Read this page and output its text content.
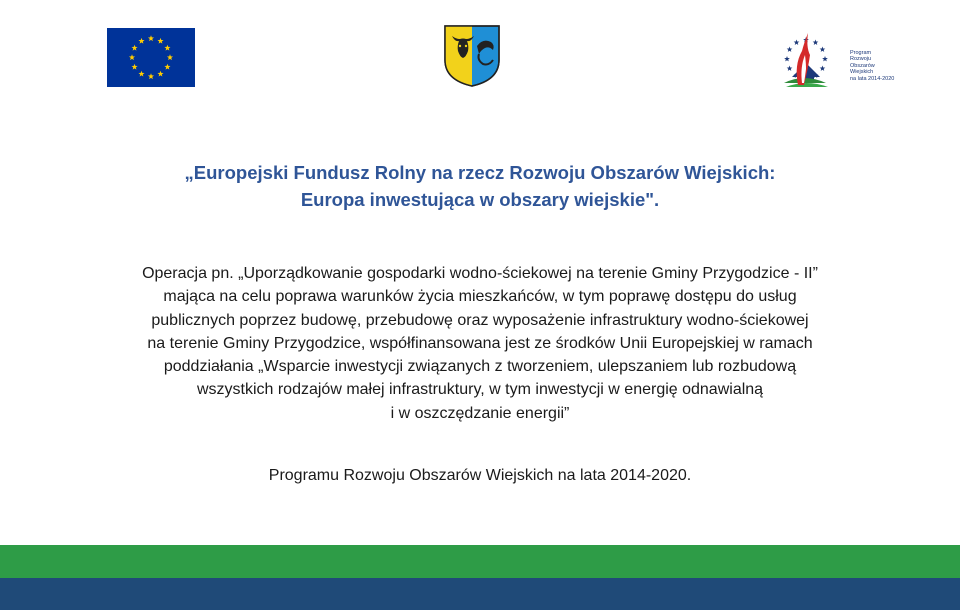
Program
Rozwoju
Obszarów
Wiejskich
na lata 2014-2020
„Europejski Fundusz Rolny na rzecz Rozwoju Obszarów Wiejskich:
Europa inwestująca w obszary wiejskie".
Operacja pn. „Uporządkowanie gospodarki wodno-ściekowej na terenie Gminy Przygodzice - II”
mająca na celu poprawa warunków życia mieszkańców, w tym poprawę dostępu do usług
publicznych poprzez budowę, przebudowę oraz wyposażenie infrastruktury wodno-ściekowej
na terenie Gminy Przygodzice, współfinansowana jest ze środków Unii Europejskiej w ramach
poddziałania „Wsparcie inwestycji związanych z tworzeniem, ulepszaniem lub rozbudową
wszystkich rodzajów małej infrastruktury, w tym inwestycji w energię odnawialną
i w oszczędzanie energii”
Programu Rozwoju Obszarów Wiejskich na lata 2014-2020.
